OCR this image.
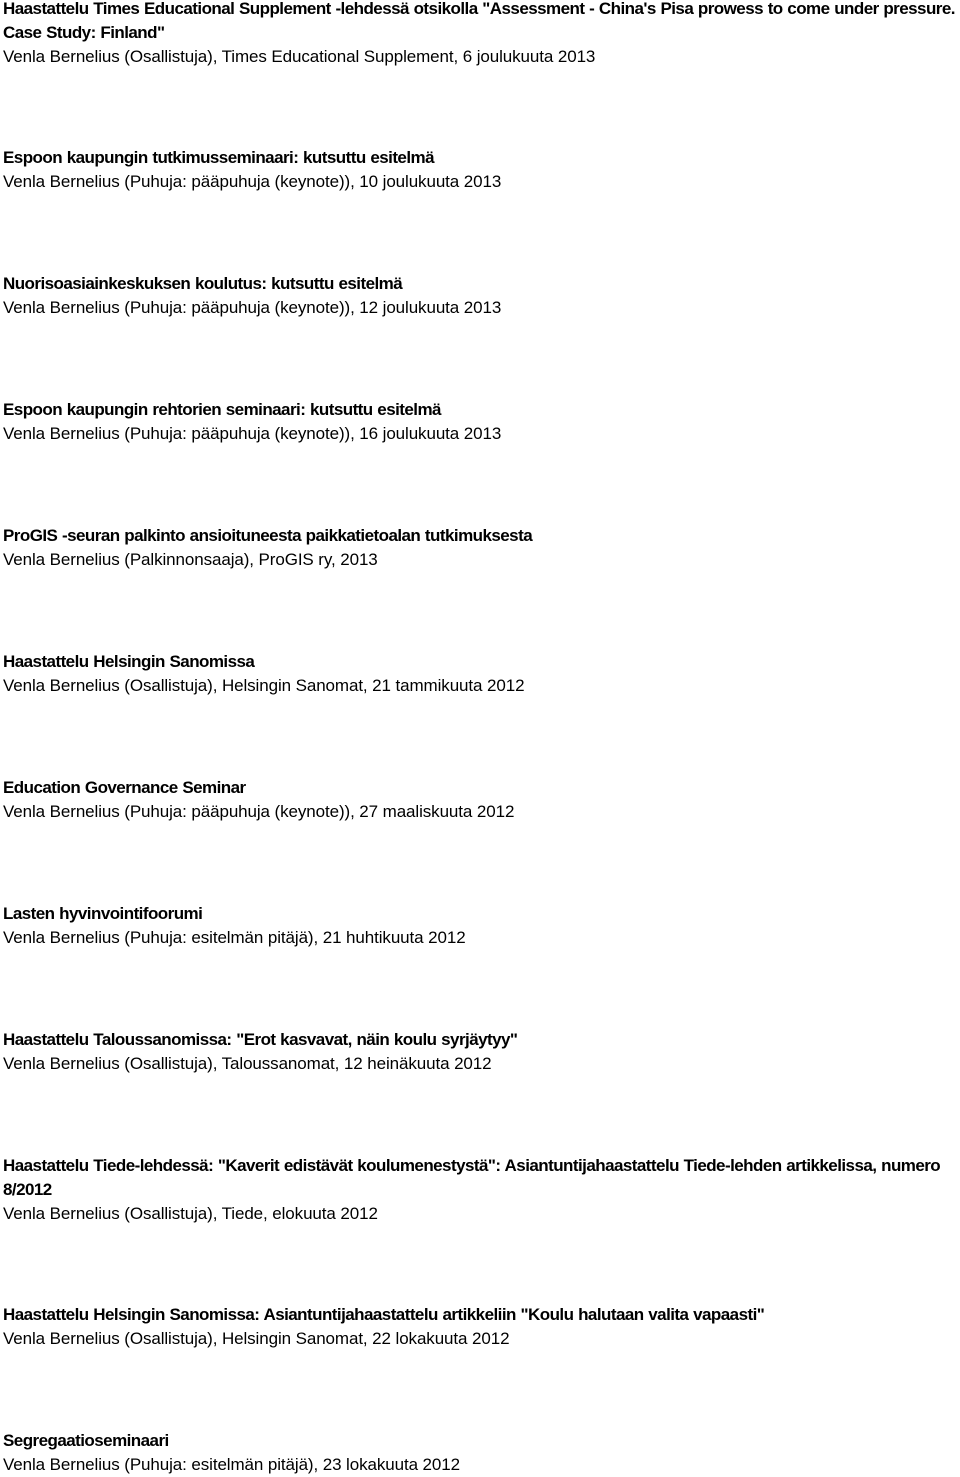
Haastattelu Times Educational Supplement -lehdessä otsikolla "Assessment - China's Pisa prowess to come under pressure. Case Study: Finland"
Venla Bernelius (Osallistuja), Times Educational Supplement, 6 joulukuuta 2013
Espoon kaupungin tutkimusseminaari: kutsuttu esitelmä
Venla Bernelius (Puhuja: pääpuhuja (keynote)), 10 joulukuuta 2013
Nuorisoasiainkeskuksen koulutus: kutsuttu esitelmä
Venla Bernelius (Puhuja: pääpuhuja (keynote)), 12 joulukuuta 2013
Espoon kaupungin rehtorien seminaari: kutsuttu esitelmä
Venla Bernelius (Puhuja: pääpuhuja (keynote)), 16 joulukuuta 2013
ProGIS -seuran palkinto ansioituneesta paikkatietoalan tutkimuksesta
Venla Bernelius (Palkinnonsaaja), ProGIS ry, 2013
Haastattelu Helsingin Sanomissa
Venla Bernelius (Osallistuja), Helsingin Sanomat, 21 tammikuuta 2012
Education Governance Seminar
Venla Bernelius (Puhuja: pääpuhuja (keynote)), 27 maaliskuuta 2012
Lasten hyvinvointifoorumi
Venla Bernelius (Puhuja: esitelmän pitäjä), 21 huhtikuuta 2012
Haastattelu Taloussanomissa: "Erot kasvavat, näin koulu syrjäytyy"
Venla Bernelius (Osallistuja), Taloussanomat, 12 heinäkuuta 2012
Haastattelu Tiede-lehdessä: "Kaverit edistävät koulumenestystä": Asiantuntijahaastattelu Tiede-lehden artikkelissa, numero 8/2012
Venla Bernelius (Osallistuja), Tiede, elokuuta 2012
Haastattelu Helsingin Sanomissa: Asiantuntijahaastattelu artikkeliin "Koulu halutaan valita vapaasti"
Venla Bernelius (Osallistuja), Helsingin Sanomat, 22 lokakuuta 2012
Segregaatioseminaari
Venla Bernelius (Puhuja: esitelmän pitäjä), 23 lokakuuta 2012
